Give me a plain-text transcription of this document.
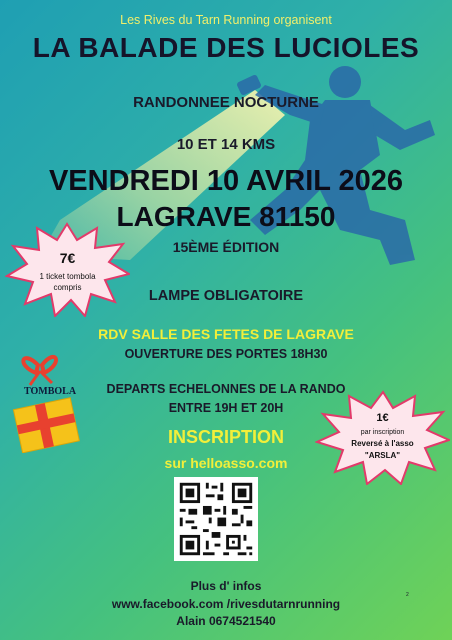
Les Rives du Tarn Running organisent
LA BALADE DES LUCIOLES
RANDONNEE NOCTURNE
10 ET 14 KMS
VENDREDI 10 AVRIL 2026
LAGRAVE 81150
15ÈME ÉDITION
LAMPE OBLIGATOIRE
RDV SALLE DES FETES DE LAGRAVE
OUVERTURE DES PORTES 18H30
DEPARTS ECHELONNES DE LA RANDO
ENTRE 19H ET 20H
INSCRIPTION
sur helloasso.com
7€
1 ticket tombola
compris
1€
par inscription
Reversé à l'asso
"ARSLA"
TOMBOLA
Plus d' infos
www.facebook.com /rivesdutarnrunning
Alain 0674521540
2
